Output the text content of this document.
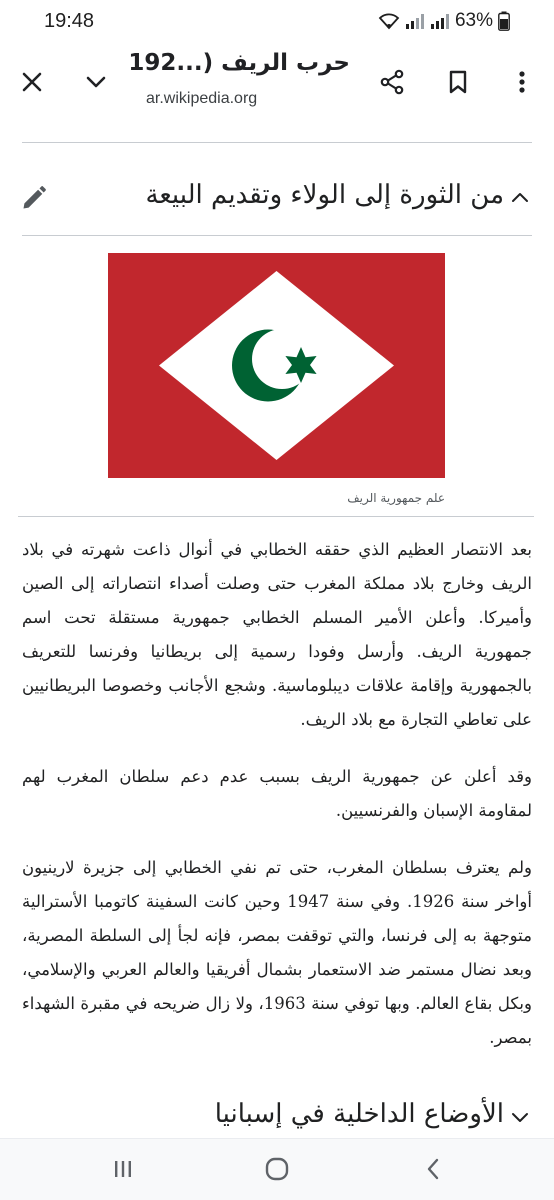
19:48	63%
حرب الريف (...192
ar.wikipedia.org
من الثورة إلى الولاء وتقديم البيعة
علم جمهورية الريف

بعد الانتصار العظيم الذي حققه الخطابي في أنوال ذاعت شهرته في بلاد الريف وخارج بلاد مملكة المغرب حتى وصلت أصداء انتصاراته إلى الصين وأميركا. وأعلن الأمير المسلم الخطابي جمهورية مستقلة تحت اسم جمهورية الريف. وأرسل وفودا رسمية إلى بريطانيا وفرنسا للتعريف بالجمهورية وإقامة علاقات ديبلوماسية. وشجع الأجانب وخصوصا البريطانيين على تعاطي التجارة مع بلاد الريف.

وقد أعلن عن جمهورية الريف بسبب عدم دعم سلطان المغرب لهم لمقاومة الإسبان والفرنسيين.

ولم يعترف بسلطان المغرب، حتى تم نفي الخطابي إلى جزيرة لارينيون أواخر سنة 1926. وفي سنة 1947 وحين كانت السفينة كاتومبا الأسترالية متوجهة به إلى فرنسا، والتي توقفت بمصر، فإنه لجأ إلى السلطة المصرية، وبعد نضال مستمر ضد الاستعمار بشمال أفريقيا والعالم العربي والإسلامي، وبكل بقاع العالم. وبها توفي سنة 1963، ولا زال ضريحه في مقبرة الشهداء بمصر.

الأوضاع الداخلية في إسبانيا
